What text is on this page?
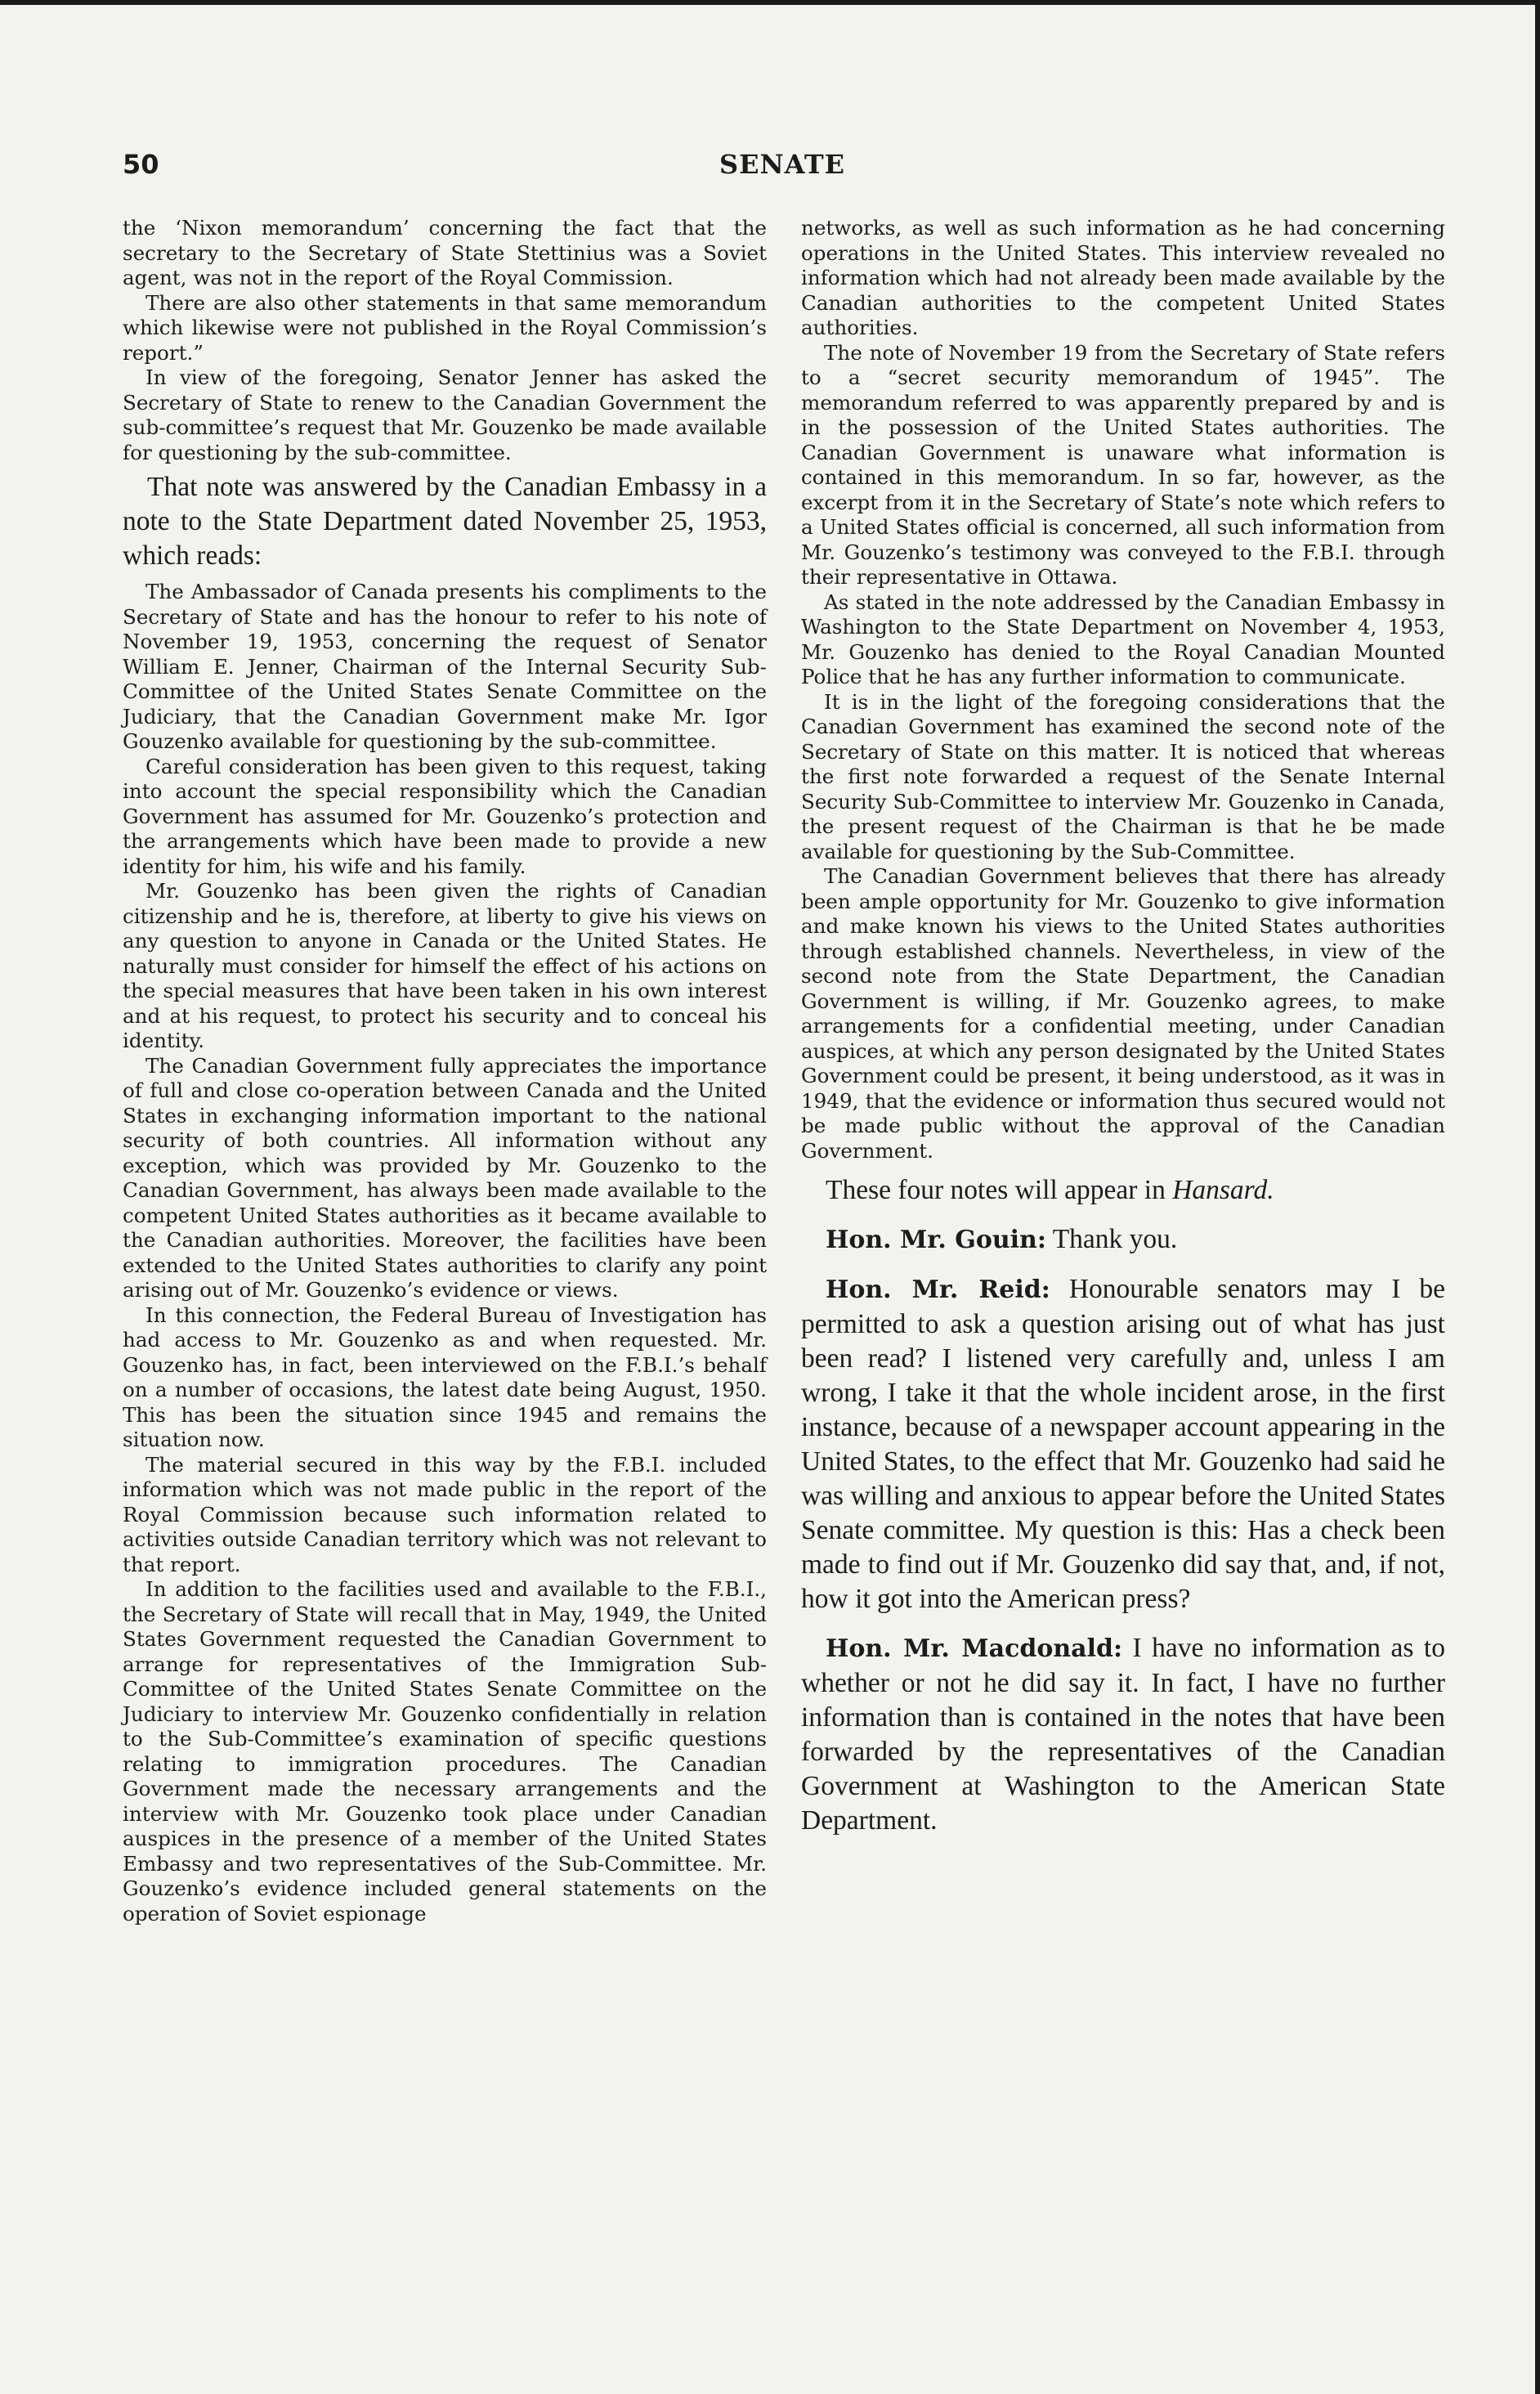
50	SENATE

the ‘Nixon memorandum’ concerning the fact that the secretary to the Secretary of State Stettinius was a Soviet agent, was not in the report of the Royal Commission.

There are also other statements in that same memorandum which likewise were not published in the Royal Commission’s report.”

In view of the foregoing, Senator Jenner has asked the Secretary of State to renew to the Canadian Government the sub-committee’s request that Mr. Gouzenko be made available for questioning by the sub-committee.

That note was answered by the Canadian Embassy in a note to the State Department dated November 25, 1953, which reads:

The Ambassador of Canada presents his compliments to the Secretary of State and has the honour to refer to his note of November 19, 1953, concerning the request of Senator William E. Jenner, Chairman of the Internal Security Sub-Committee of the United States Senate Committee on the Judiciary, that the Canadian Government make Mr. Igor Gouzenko available for questioning by the sub-committee.

Careful consideration has been given to this request, taking into account the special responsibility which the Canadian Government has assumed for Mr. Gouzenko’s protection and the arrangements which have been made to provide a new identity for him, his wife and his family.

Mr. Gouzenko has been given the rights of Canadian citizenship and he is, therefore, at liberty to give his views on any question to anyone in Canada or the United States. He naturally must consider for himself the effect of his actions on the special measures that have been taken in his own interest and at his request, to protect his security and to conceal his identity.

The Canadian Government fully appreciates the importance of full and close co-operation between Canada and the United States in exchanging information important to the national security of both countries. All information without any exception, which was provided by Mr. Gouzenko to the Canadian Government, has always been made available to the competent United States authorities as it became available to the Canadian authorities. Moreover, the facilities have been extended to the United States authorities to clarify any point arising out of Mr. Gouzenko’s evidence or views.

In this connection, the Federal Bureau of Investigation has had access to Mr. Gouzenko as and when requested. Mr. Gouzenko has, in fact, been interviewed on the F.B.I.’s behalf on a number of occasions, the latest date being August, 1950. This has been the situation since 1945 and remains the situation now.

The material secured in this way by the F.B.I. included information which was not made public in the report of the Royal Commission because such information related to activities outside Canadian territory which was not relevant to that report.

In addition to the facilities used and available to the F.B.I., the Secretary of State will recall that in May, 1949, the United States Government requested the Canadian Government to arrange for representatives of the Immigration Sub-Committee of the United States Senate Committee on the Judiciary to interview Mr. Gouzenko confidentially in relation to the Sub-Committee’s examination of specific questions relating to immigration procedures. The Canadian Government made the necessary arrangements and the interview with Mr. Gouzenko took place under Canadian auspices in the presence of a member of the United States Embassy and two representatives of the Sub-Committee. Mr. Gouzenko’s evidence included general statements on the operation of Soviet espionage

networks, as well as such information as he had concerning operations in the United States. This interview revealed no information which had not already been made available by the Canadian authorities to the competent United States authorities.

The note of November 19 from the Secretary of State refers to a “secret security memorandum of 1945”. The memorandum referred to was apparently prepared by and is in the possession of the United States authorities. The Canadian Government is unaware what information is contained in this memorandum. In so far, however, as the excerpt from it in the Secretary of State’s note which refers to a United States official is concerned, all such information from Mr. Gouzenko’s testimony was conveyed to the F.B.I. through their representative in Ottawa.

As stated in the note addressed by the Canadian Embassy in Washington to the State Department on November 4, 1953, Mr. Gouzenko has denied to the Royal Canadian Mounted Police that he has any further information to communicate.

It is in the light of the foregoing considerations that the Canadian Government has examined the second note of the Secretary of State on this matter. It is noticed that whereas the first note forwarded a request of the Senate Internal Security Sub-Committee to interview Mr. Gouzenko in Canada, the present request of the Chairman is that he be made available for questioning by the Sub-Committee.

The Canadian Government believes that there has already been ample opportunity for Mr. Gouzenko to give information and make known his views to the United States authorities through established channels. Nevertheless, in view of the second note from the State Department, the Canadian Government is willing, if Mr. Gouzenko agrees, to make arrangements for a confidential meeting, under Canadian auspices, at which any person designated by the United States Government could be present, it being understood, as it was in 1949, that the evidence or information thus secured would not be made public without the approval of the Canadian Government.

These four notes will appear in Hansard.

Hon. Mr. Gouin: Thank you.

Hon. Mr. Reid: Honourable senators may I be permitted to ask a question arising out of what has just been read? I listened very carefully and, unless I am wrong, I take it that the whole incident arose, in the first instance, because of a newspaper account appearing in the United States, to the effect that Mr. Gouzenko had said he was willing and anxious to appear before the United States Senate committee. My question is this: Has a check been made to find out if Mr. Gouzenko did say that, and, if not, how it got into the American press?

Hon. Mr. Macdonald: I have no information as to whether or not he did say it. In fact, I have no further information than is contained in the notes that have been forwarded by the representatives of the Canadian Government at Washington to the American State Department.
